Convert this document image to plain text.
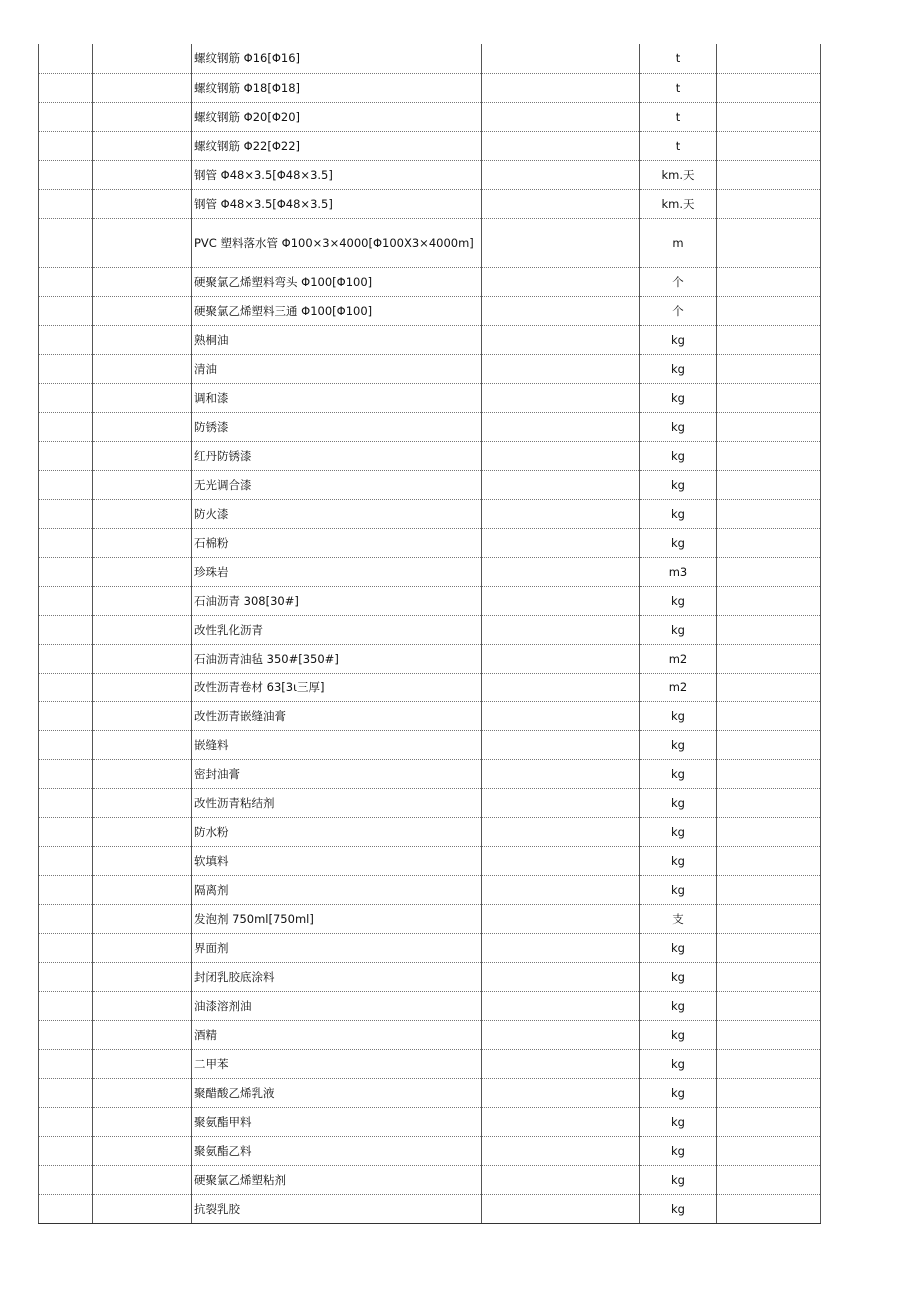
		螺纹钢筋 Φ16[Φ16]		t	
		螺纹钢筋 Φ18[Φ18]		t	
		螺纹钢筋 Φ20[Φ20]		t	
		螺纹钢筋 Φ22[Φ22]		t	
		钢管 Φ48×3.5[Φ48×3.5]		km.天	
		钢管 Φ48×3.5[Φ48×3.5]		km.天	
		PVC 塑料落水管 Φ100×3×4000[Φ100X3×4000m]		m	
		硬聚氯乙烯塑料弯头 Φ100[Φ100]		个	
		硬聚氯乙烯塑料三通 Φ100[Φ100]		个	
		熟桐油		kg	
		清油		kg	
		调和漆		kg	
		防锈漆		kg	
		红丹防锈漆		kg	
		无光调合漆		kg	
		防火漆		kg	
		石棉粉		kg	
		珍珠岩		m3	
		石油沥青 308[30#]		kg	
		改性乳化沥青		kg	
		石油沥青油毡 350#[350#]		m2	
		改性沥青卷材 63[3ι三厚]		m2	
		改性沥青嵌缝油膏		kg	
		嵌缝料		kg	
		密封油膏		kg	
		改性沥青粘结剂		kg	
		防水粉		kg	
		软填料		kg	
		隔离剂		kg	
		发泡剂 750ml[750ml]		支	
		界面剂		kg	
		封闭乳胶底涂料		kg	
		油漆溶剂油		kg	
		酒精		kg	
		二甲苯		kg	
		聚醋酸乙烯乳液		kg	
		聚氨酯甲料		kg	
		聚氨酯乙料		kg	
		硬聚氯乙烯塑粘剂		kg	
		抗裂乳胶		kg	
